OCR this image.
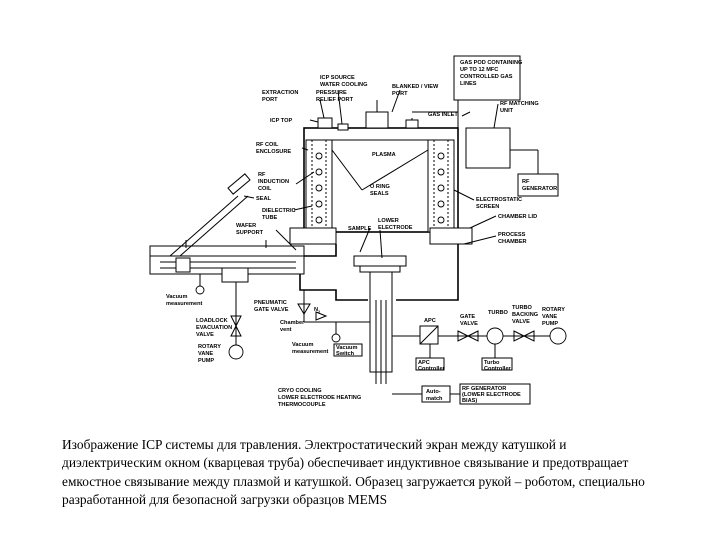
GAS POD CONTAINING
UP TO 12 MFC
CONTROLLED GAS
LINES
ICP SOURCE
WATER COOLING
EXTRACTION
PORT
PRESSURE
RELIEF PORT
BLANKED / VIEW
PORT
GAS INLET
RF MATCHING
UNIT
ICP TOP
RF COIL
ENCLOSURE	PLASMA
RF
GENERATOR
RF
INDUCTION
COIL	O RING
SEALS
ELECTROSTATIC
SCREEN
SEAL
DIELECTRIC
TUBE	CHAMBER LID
WAFER
SUPPORT
SAMPLE
LOWER
ELECTRODE
PROCESS
CHAMBER
Vacuum
measurement	PNEUMATIC
GATE VALVE	$N_2$
LOADLOCK
EVACUATION
VALVE
Chamber
vent
Vacuum
measurement
Vacuum
Switch
APC
APC
Controller
GATE
VALVE
TURBO
TURBO
BACKING
VALVE
ROTARY
VANE
PUMP
Turbo
Controller
ROTARY
VANE
PUMP
CRYO COOLING
LOWER ELECTRODE HEATING
THERMOCOUPLE
Auto-
match
RF GENERATOR
(LOWER ELECTRODE
BIAS)
Изображение ICP системы для травления. Электростатический экран между катушкой и
диэлектрическим окном (кварцевая труба) обеспечивает индуктивное связывание и предотвращает
емкостное связывание между плазмой и катушкой. Образец загружается рукой – роботом, специально
разработанной для безопасной загрузки образцов MEMS
